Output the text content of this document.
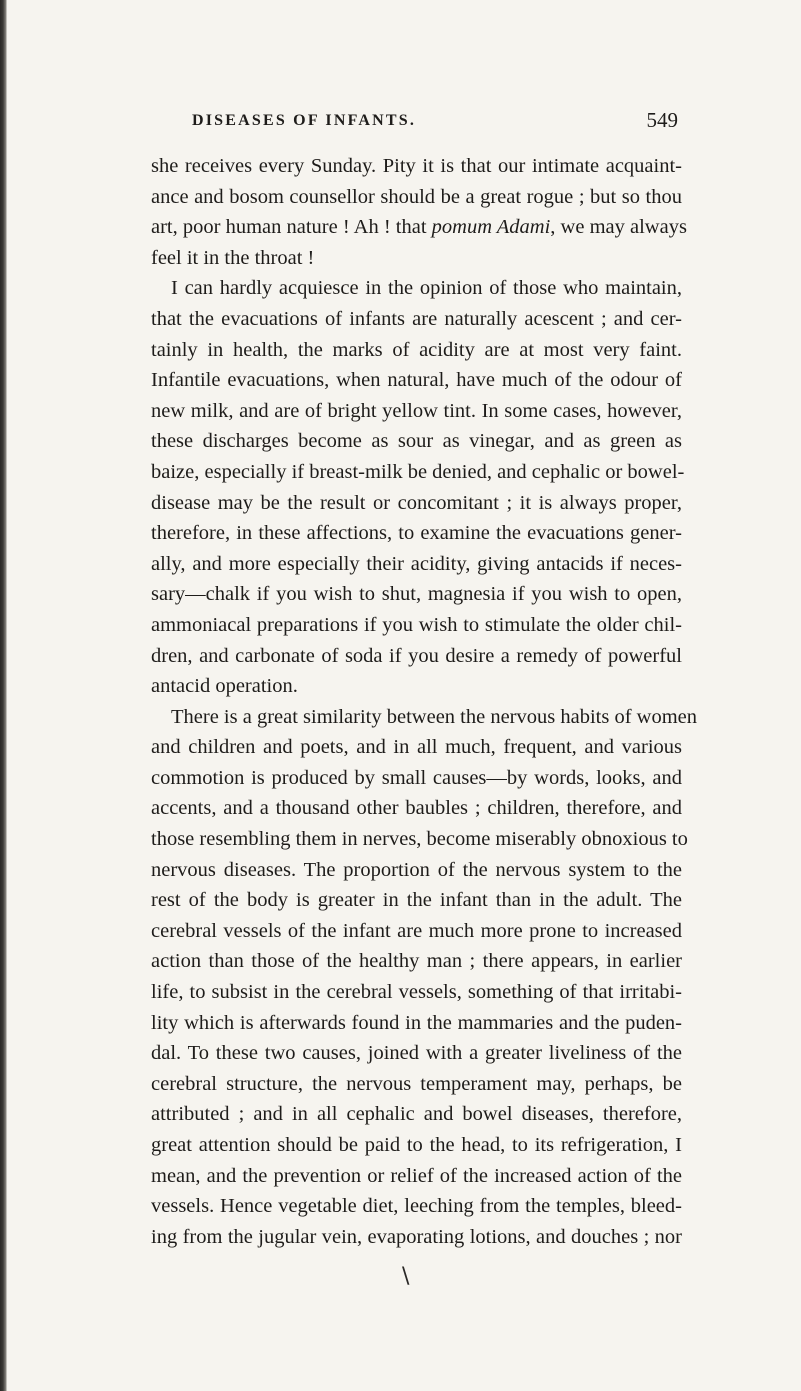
DISEASES OF INFANTS.	549
she receives every Sunday. Pity it is that our intimate acquaint-
ance and bosom counsellor should be a great rogue ; but so thou
art, poor human nature ! Ah ! that pomum Adami, we may always
feel it in the throat !
I can hardly acquiesce in the opinion of those who maintain,
that the evacuations of infants are naturally acescent ; and cer-
tainly in health, the marks of acidity are at most very faint.
Infantile evacuations, when natural, have much of the odour of
new milk, and are of bright yellow tint. In some cases, however,
these discharges become as sour as vinegar, and as green as
baize, especially if breast-milk be denied, and cephalic or bowel-
disease may be the result or concomitant ; it is always proper,
therefore, in these affections, to examine the evacuations gener-
ally, and more especially their acidity, giving antacids if neces-
sary—chalk if you wish to shut, magnesia if you wish to open,
ammoniacal preparations if you wish to stimulate the older chil-
dren, and carbonate of soda if you desire a remedy of powerful
antacid operation.
There is a great similarity between the nervous habits of women
and children and poets, and in all much, frequent, and various
commotion is produced by small causes—by words, looks, and
accents, and a thousand other baubles ; children, therefore, and
those resembling them in nerves, become miserably obnoxious to
nervous diseases. The proportion of the nervous system to the
rest of the body is greater in the infant than in the adult. The
cerebral vessels of the infant are much more prone to increased
action than those of the healthy man ; there appears, in earlier
life, to subsist in the cerebral vessels, something of that irritabi-
lity which is afterwards found in the mammaries and the puden-
dal. To these two causes, joined with a greater liveliness of the
cerebral structure, the nervous temperament may, perhaps, be
attributed ; and in all cephalic and bowel diseases, therefore,
great attention should be paid to the head, to its refrigeration, I
mean, and the prevention or relief of the increased action of the
vessels. Hence vegetable diet, leeching from the temples, bleed-
ing from the jugular vein, evaporating lotions, and douches ; nor
\
